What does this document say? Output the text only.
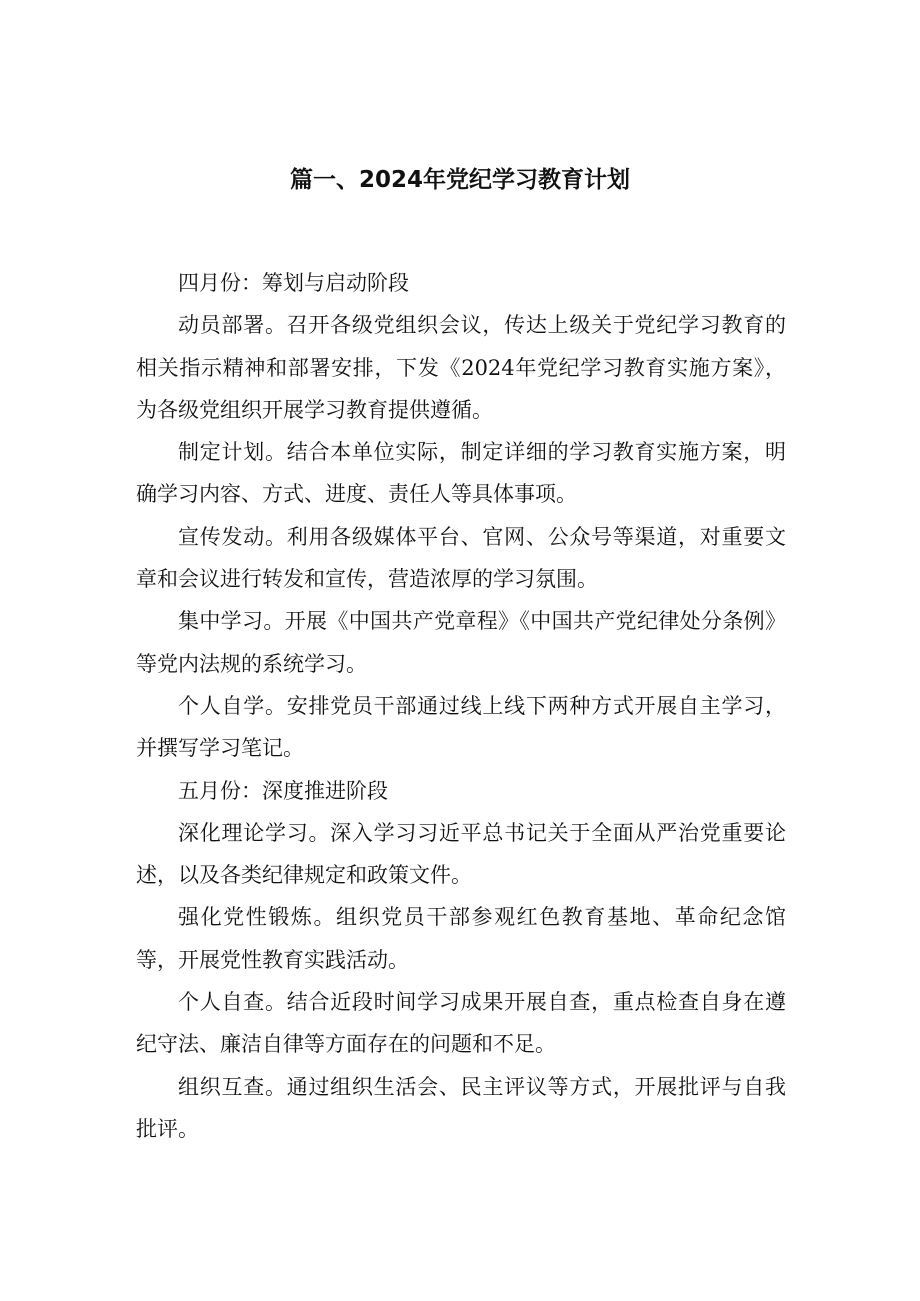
篇一、2024年党纪学习教育计划

四月份：筹划与启动阶段

动员部署。召开各级党组织会议，传达上级关于党纪学习教育的相关指示精神和部署安排，下发《2024年党纪学习教育实施方案》，为各级党组织开展学习教育提供遵循。

制定计划。结合本单位实际，制定详细的学习教育实施方案，明确学习内容、方式、进度、责任人等具体事项。

宣传发动。利用各级媒体平台、官网、公众号等渠道，对重要文章和会议进行转发和宣传，营造浓厚的学习氛围。

集中学习。开展《中国共产党章程》《中国共产党纪律处分条例》等党内法规的系统学习。

个人自学。安排党员干部通过线上线下两种方式开展自主学习，并撰写学习笔记。

五月份：深度推进阶段

深化理论学习。深入学习习近平总书记关于全面从严治党重要论述，以及各类纪律规定和政策文件。

强化党性锻炼。组织党员干部参观红色教育基地、革命纪念馆等，开展党性教育实践活动。

个人自查。结合近段时间学习成果开展自查，重点检查自身在遵纪守法、廉洁自律等方面存在的问题和不足。

组织互查。通过组织生活会、民主评议等方式，开展批评与自我批评。
